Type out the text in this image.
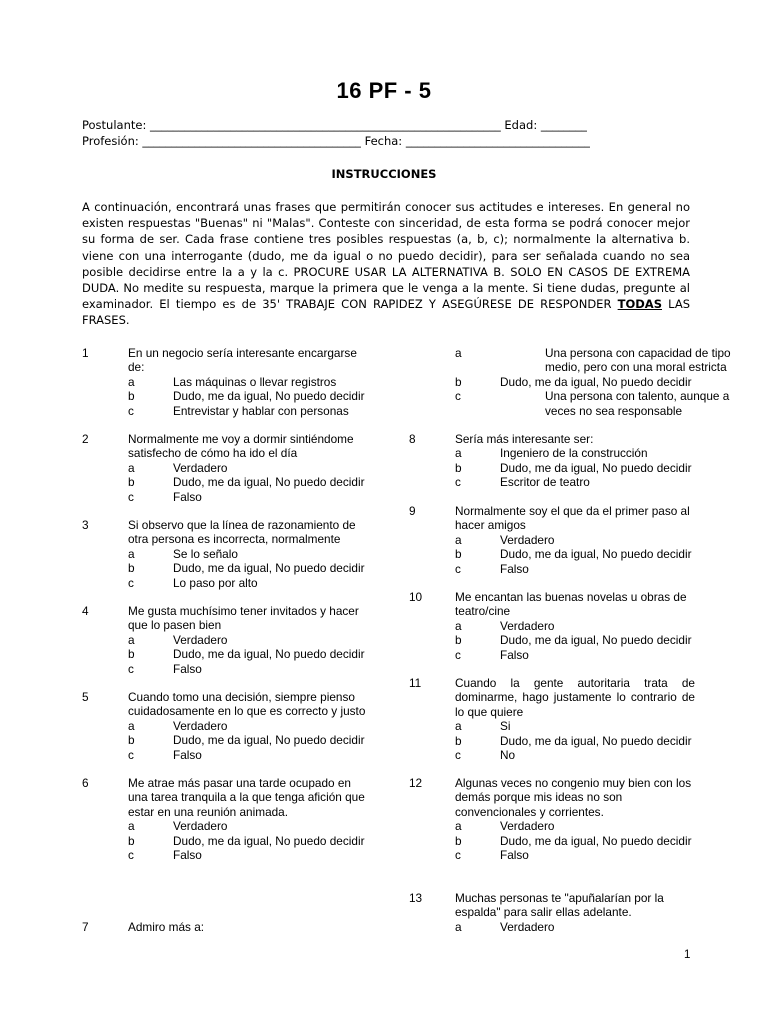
16 PF - 5
Postulante: _____________________________________________________________ Edad: ________
Profesión: ______________________________________ Fecha: ________________________________
INSTRUCCIONES
A continuación, encontrará unas frases que permitirán conocer sus actitudes e intereses. En general no existen respuestas "Buenas" ni "Malas". Conteste con sinceridad, de esta forma se podrá conocer mejor su forma de ser. Cada frase contiene tres posibles respuestas (a, b, c); normalmente la alternativa b. viene con una interrogante (dudo, me da igual o no puedo decidir), para ser señalada cuando no sea posible decidirse entre la a y la c. PROCURE USAR LA ALTERNATIVA B. SOLO EN CASOS DE EXTREMA DUDA. No medite su respuesta, marque la primera que le venga a la mente. Si tiene dudas, pregunte al examinador. El tiempo es de 35' TRABAJE CON RAPIDEZ Y ASEGÚRESE DE RESPONDER TODAS LAS FRASES.
1	En un negocio sería interesante encargarse de:
a	Las máquinas o llevar registros
b	Dudo, me da igual, No puedo decidir
c	Entrevistar y hablar con personas
2	Normalmente me voy a dormir sintiéndome satisfecho de cómo ha ido el día
a	Verdadero
b	Dudo, me da igual, No puedo decidir
c	Falso
3	Si observo que la línea de razonamiento de otra persona es incorrecta, normalmente
a	Se lo señalo
b	Dudo, me da igual, No puedo decidir
c	Lo paso por alto
4	Me gusta muchísimo tener invitados y hacer que lo pasen bien
a	Verdadero
b	Dudo, me da igual, No puedo decidir
c	Falso
5	Cuando tomo una decisión, siempre pienso cuidadosamente en lo que es correcto y justo
a	Verdadero
b	Dudo, me da igual, No puedo decidir
c	Falso
6	Me atrae más pasar una tarde ocupado en una tarea tranquila a la que tenga afición que estar en una reunión animada.
a	Verdadero
b	Dudo, me da igual, No puedo decidir
c	Falso
7	Admiro más a:
a	Una persona con capacidad de tipo medio, pero con una moral estricta
b	Dudo, me da igual, No puedo decidir
c	Una persona con talento, aunque a veces no sea responsable
8	Sería más interesante ser:
a	Ingeniero de la construcción
b	Dudo, me da igual, No puedo decidir
c	Escritor de teatro
9	Normalmente soy el que da el primer paso al hacer amigos
a	Verdadero
b	Dudo, me da igual, No puedo decidir
c	Falso
10	Me encantan las buenas novelas u obras de teatro/cine
a	Verdadero
b	Dudo, me da igual, No puedo decidir
c	Falso
11	Cuando la gente autoritaria trata de dominarme, hago justamente lo contrario de lo que quiere
a	Si
b	Dudo, me da igual, No puedo decidir
c	No
12	Algunas veces no congenio muy bien con los demás porque mis ideas no son convencionales y corrientes.
a	Verdadero
b	Dudo, me da igual, No puedo decidir
c	Falso
13	Muchas personas te "apuñalarían por la espalda" para salir ellas adelante.
a	Verdadero
1
